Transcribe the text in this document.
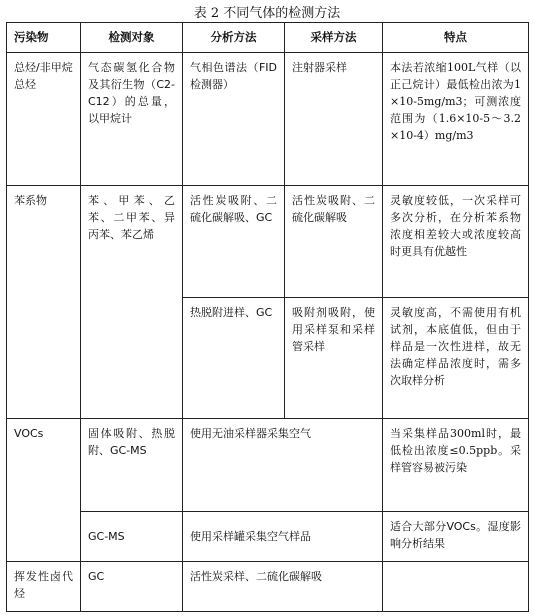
表 2 不同气体的检测方法
污染物	检测对象	分析方法	采样方法	特点
总烃/非甲烷总烃	气态碳氢化合物及其衍生物（C2-C12）的总量，以甲烷计	气相色谱法（FID检测器）	注射器采样	本法若浓缩100L气样（以正己烷计）最低检出浓为1×10-5mg/m3；可测浓度范围为（1.6×10-5～3.2×10-4）mg/m3
苯系物	苯、甲苯、乙苯、二甲苯、异丙苯、苯乙烯	活性炭吸附、二硫化碳解吸、GC	活性炭吸附、二硫化碳解吸	灵敏度较低，一次采样可多次分析，在分析苯系物浓度相差较大或浓度较高时更具有优越性
		热脱附进样、GC	吸附剂吸附，使用采样泵和采样管采样	灵敏度高，不需使用有机试剂，本底值低，但由于样品是一次性进样，故无法确定样品浓度时，需多次取样分析
VOCs	固体吸附、热脱附、GC-MS	使用无油采样器采集空气		当采集样品300ml时，最低检出浓度≤0.5ppb。采样管容易被污染
	GC-MS	使用采样罐采集空气样品		适合大部分VOCs。湿度影响分析结果
挥发性卤代烃	GC	活性炭采样、二硫化碳解吸		
